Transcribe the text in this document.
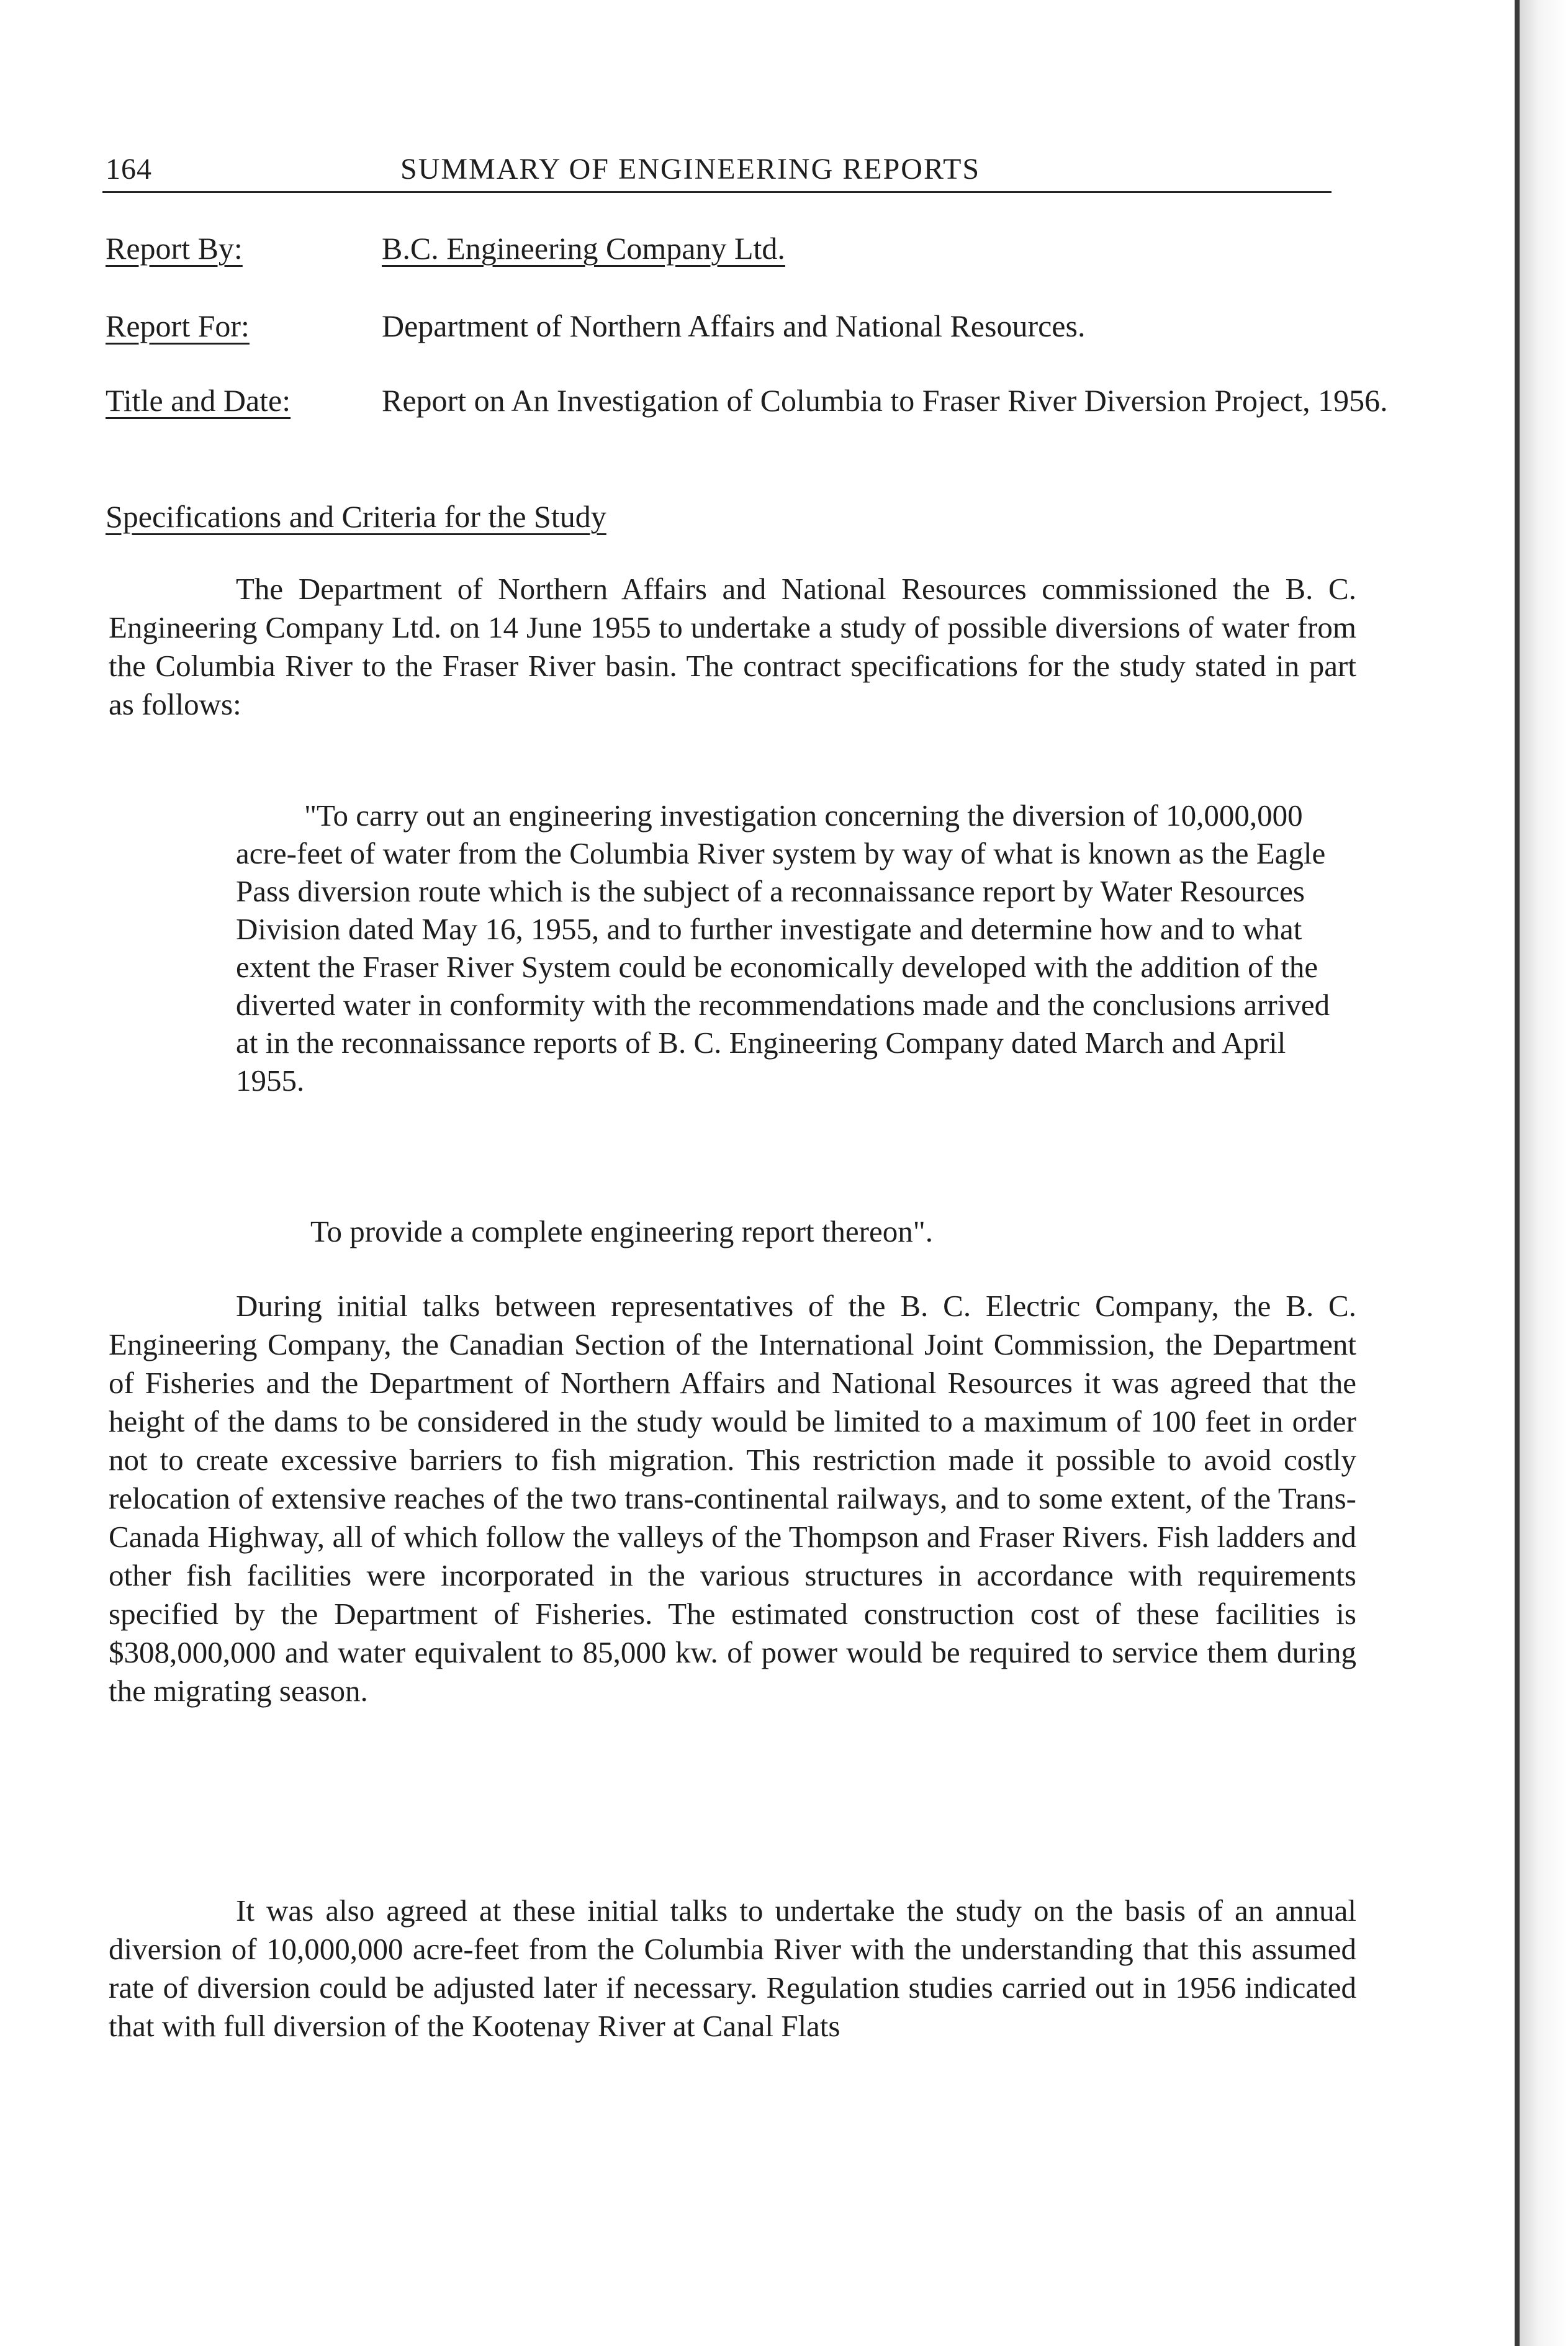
164	SUMMARY OF ENGINEERING REPORTS
Report By:	B.C. Engineering Company Ltd.
Report For:	Department of Northern Affairs and National Resources.
Title and Date:	Report on An Investigation of Columbia to Fraser River Diversion Project, 1956.
Specifications and Criteria for the Study

The Department of Northern Affairs and National Resources commissioned the B. C. Engineering Company Ltd. on 14 June 1955 to undertake a study of possible diversions of water from the Columbia River to the Fraser River basin. The contract specifications for the study stated in part as follows:

"To carry out an engineering investigation concerning the diversion of 10,000,000 acre-feet of water from the Columbia River system by way of what is known as the Eagle Pass diversion route which is the subject of a reconnaissance report by Water Resources Division dated May 16, 1955, and to further investigate and determine how and to what extent the Fraser River System could be economically developed with the addition of the diverted water in conformity with the recommendations made and the conclusions arrived at in the reconnaissance reports of B. C. Engineering Company dated March and April 1955.

To provide a complete engineering report thereon".

During initial talks between representatives of the B. C. Electric Company, the B. C. Engineering Company, the Canadian Section of the International Joint Commission, the Department of Fisheries and the Department of Northern Affairs and National Resources it was agreed that the height of the dams to be considered in the study would be limited to a maximum of 100 feet in order not to create excessive barriers to fish migration. This restriction made it possible to avoid costly relocation of extensive reaches of the two trans-continental railways, and to some extent, of the Trans-Canada Highway, all of which follow the valleys of the Thompson and Fraser Rivers. Fish ladders and other fish facilities were incorporated in the various structures in accordance with requirements specified by the Department of Fisheries. The estimated construction cost of these facilities is $308,000,000 and water equivalent to 85,000 kw. of power would be required to service them during the migrating season.

It was also agreed at these initial talks to undertake the study on the basis of an annual diversion of 10,000,000 acre-feet from the Columbia River with the understanding that this assumed rate of diversion could be adjusted later if necessary. Regulation studies carried out in 1956 indicated that with full diversion of the Kootenay River at Canal Flats
